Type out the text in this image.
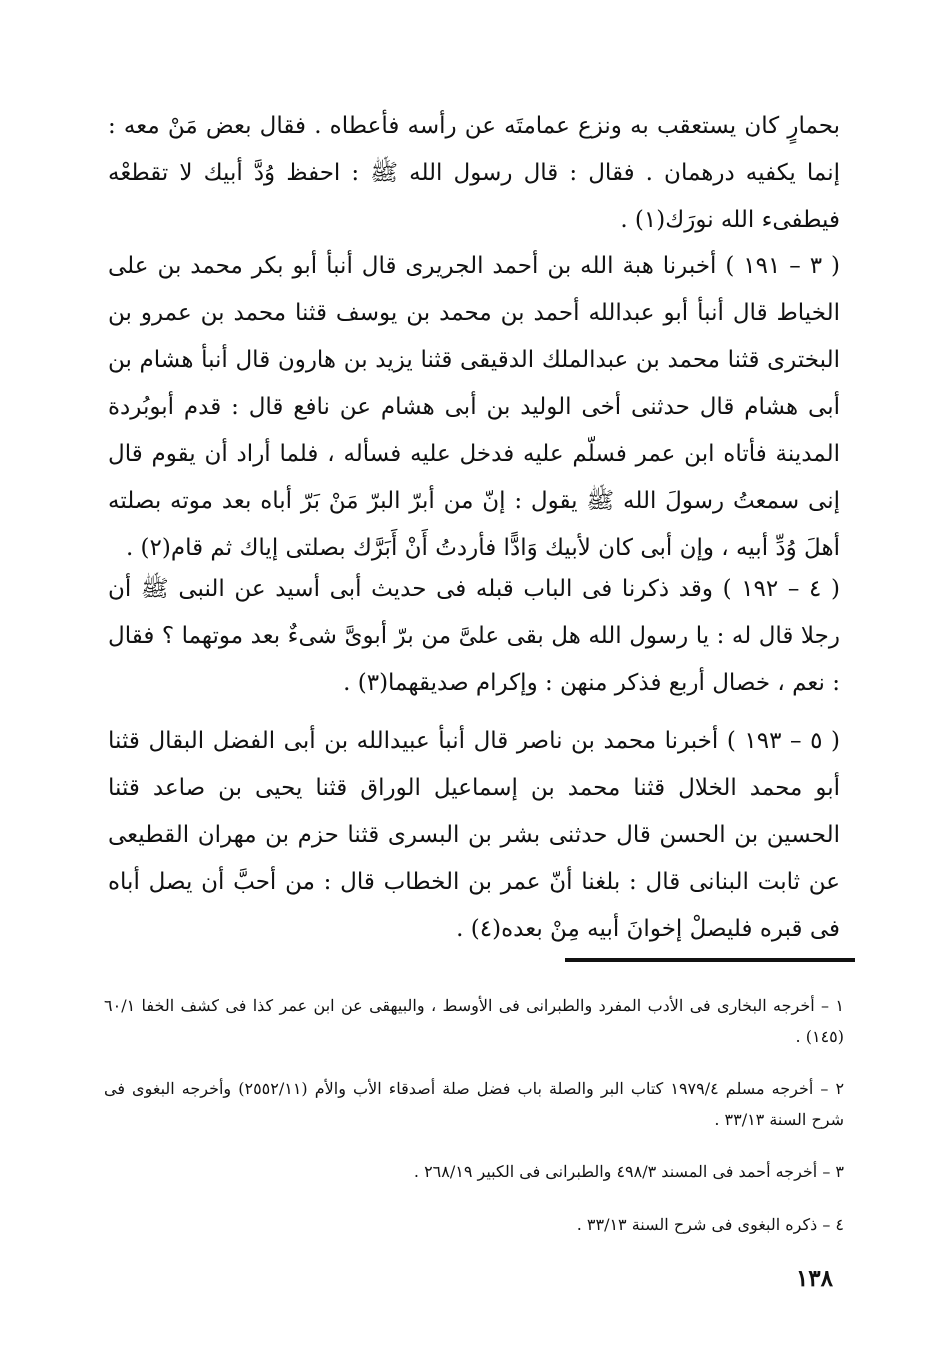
بحمارٍ كان يستعقب به ونزع عمامتَه عن رأسه فأعطاه . فقال بعض مَنْ معه : إنما يكفيه درهمان . فقال : قال رسول الله ﷺ : احفظ وُدَّ أبيك لا تقطعْه فيطفىء الله نورَك(١) .

( ٣ – ١٩١ ) أخبرنا هبة الله بن أحمد الجريرى قال أنبأ أبو بكر محمد بن على الخياط قال أنبأ أبو عبدالله أحمد بن محمد بن يوسف قثنا محمد بن عمرو بن البخترى قثنا محمد بن عبدالملك الدقيقى قثنا يزيد بن هارون قال أنبأ هشام بن أبى هشام قال حدثنى أخى الوليد بن أبى هشام عن نافع قال : قدم أبوبُردة المدينة فأتاه ابن عمر فسلّم عليه فدخل عليه فسأله ، فلما أراد أن يقوم قال إنى سمعتُ رسولَ الله ﷺ يقول : إنّ من أبرّ البرّ مَنْ بَرّ أباه بعد موته بصلته أهلَ وُدِّ أبيه ، وإن أبى كان لأبيك وَادًّا فأردتُ أَنْ أَبَرَّك بصلتى إياك ثم قام(٢) .

( ٤ – ١٩٢ ) وقد ذكرنا فى الباب قبله فى حديث أبى أسيد عن النبى ﷺ أن رجلا قال له : يا رسول الله هل بقى علىَّ من برّ أبوىَّ شىءٌ بعد موتهما ؟ فقال : نعم ، خصال أربع فذكر منهن : وإكرام صديقهما(٣) .

( ٥ – ١٩٣ ) أخبرنا محمد بن ناصر قال أنبأ عبيدالله بن أبى الفضل البقال قثنا أبو محمد الخلال قثنا محمد بن إسماعيل الوراق قثنا يحيى بن صاعد قثنا الحسين بن الحسن قال حدثنى بشر بن البسرى قثنا حزم بن مهران القطيعى عن ثابت البنانى قال : بلغنا أنّ عمر بن الخطاب قال : من أحبَّ أن يصل أباه فى قبره فليصلْ إخوانَ أبيه مِنْ بعده(٤) .

١ – أخرجه البخارى فى الأدب المفرد والطبرانى فى الأوسط ، والبيهقى عن ابن عمر كذا فى كشف الخفا ٦٠/١ (١٤٥) .
٢ – أخرجه مسلم ١٩٧٩/٤ كتاب البر والصلة باب فضل صلة أصدقاء الأب والأم (٢٥٥٢/١١) وأخرجه البغوى فى شرح السنة ٣٣/١٣ .
٣ – أخرجه أحمد فى المسند ٤٩٨/٣ والطبرانى فى الكبير ٢٦٨/١٩ .
٤ – ذكره البغوى فى شرح السنة ٣٣/١٣ .
١٣٨
